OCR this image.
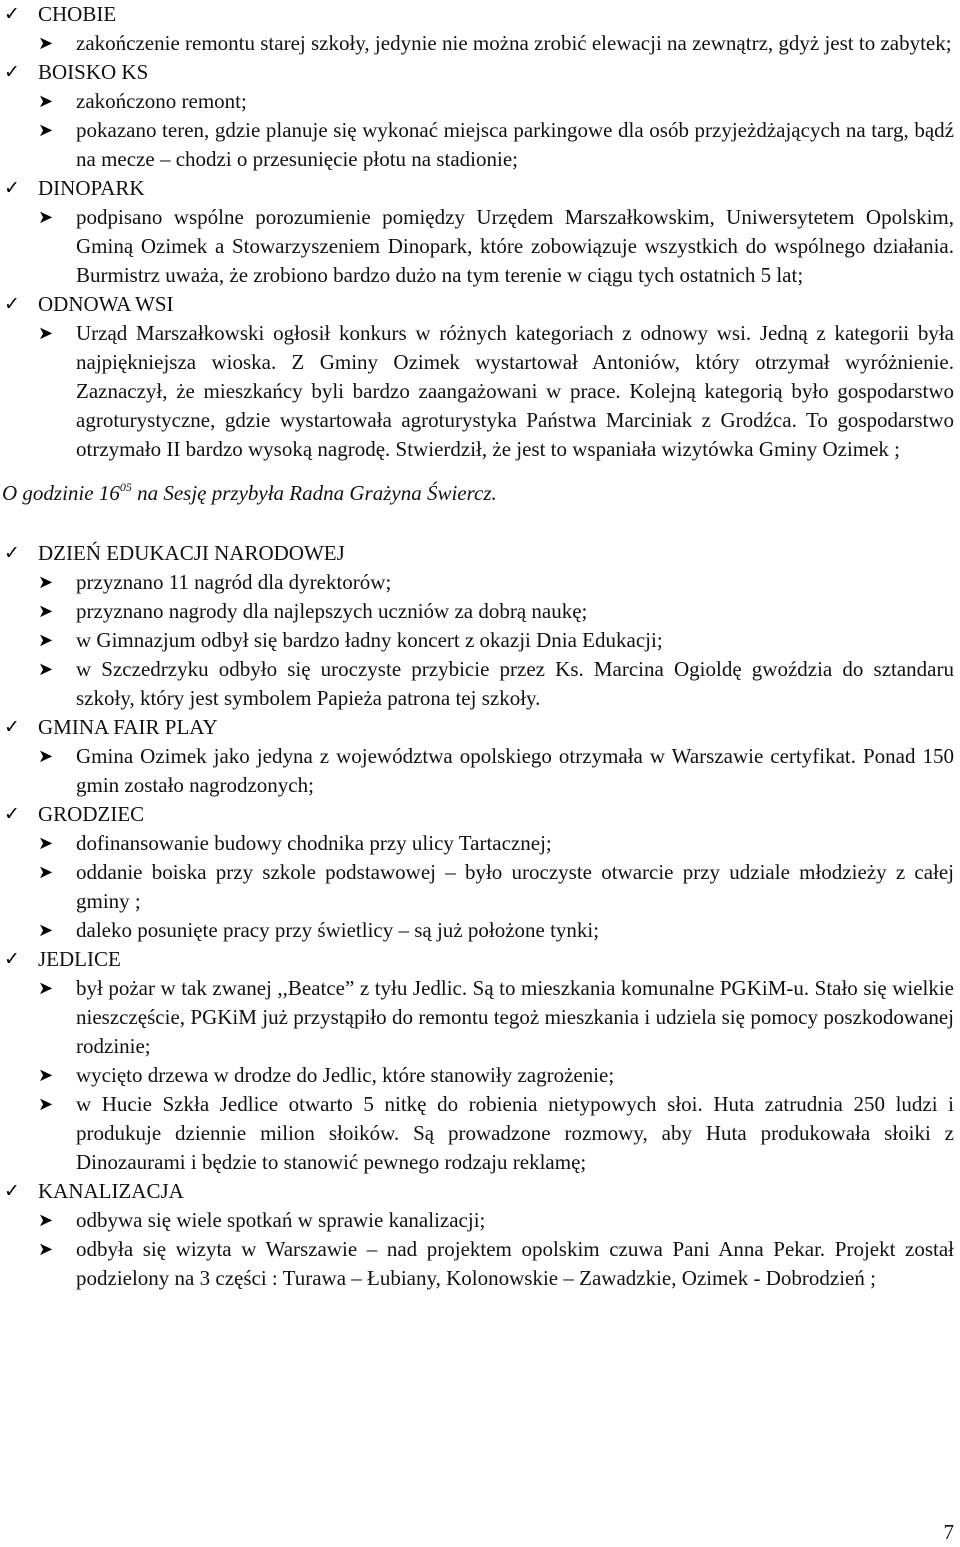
✓ CHOBIE
➤	zakończenie remontu starej szkoły, jedynie nie można zrobić elewacji na zewnątrz, gdyż jest to zabytek;
✓ BOISKO KS
➤	zakończono remont;
➤	pokazano teren, gdzie planuje się wykonać miejsca parkingowe dla osób przyjeżdżających na targ, bądź na mecze – chodzi o przesunięcie płotu na stadionie;
✓ DINOPARK
➤	podpisano wspólne porozumienie pomiędzy Urzędem Marszałkowskim, Uniwersytetem Opolskim, Gminą Ozimek a Stowarzyszeniem Dinopark, które zobowiązuje wszystkich do wspólnego działania. Burmistrz uważa, że zrobiono bardzo dużo na tym terenie w ciągu tych ostatnich 5 lat;
✓ ODNOWA WSI
➤	Urząd Marszałkowski ogłosił konkurs w różnych kategoriach z odnowy wsi. Jedną z kategorii była najpiękniejsza wioska. Z Gminy Ozimek wystartował Antoniów, który otrzymał wyróżnienie. Zaznaczył, że mieszkańcy byli bardzo zaangażowani w prace. Kolejną kategorią było gospodarstwo agroturystyczne, gdzie wystartowała agroturystyka Państwa Marciniak z Grodźca. To gospodarstwo otrzymało II bardzo wysoką nagrodę. Stwierdził, że jest to wspaniała wizytówka Gminy Ozimek ;
O godzinie $16^{05}$ na Sesję przybyła Radna Grażyna Świercz.
✓ DZIEŃ EDUKACJI NARODOWEJ
➤	przyznano 11 nagród dla dyrektorów;
➤	przyznano nagrody dla najlepszych uczniów za dobrą naukę;
➤	w Gimnazjum odbył się bardzo ładny koncert z okazji Dnia Edukacji;
➤	w Szczedrzyku odbyło się uroczyste przybicie przez Ks. Marcina Ogioldę gwoździa do sztandaru szkoły, który jest symbolem Papieża patrona tej szkoły.
✓ GMINA FAIR PLAY
➤	Gmina Ozimek jako jedyna z województwa opolskiego otrzymała w Warszawie certyfikat. Ponad 150 gmin zostało nagrodzonych;
✓ GRODZIEC
➤	dofinansowanie budowy chodnika przy ulicy Tartacznej;
➤	oddanie boiska przy szkole podstawowej – było uroczyste otwarcie przy udziale młodzieży z całej gminy ;
➤	daleko posunięte pracy przy świetlicy – są już położone tynki;
✓ JEDLICE
➤	był pożar w tak zwanej ,,Beatce” z tyłu Jedlic. Są to mieszkania komunalne PGKiM-u. Stało się wielkie nieszczęście, PGKiM już przystąpiło do remontu tegoż mieszkania i udziela się pomocy poszkodowanej rodzinie;
➤	wycięto drzewa w drodze do Jedlic, które stanowiły zagrożenie;
➤	w Hucie Szkła Jedlice otwarto 5 nitkę do robienia nietypowych słoi. Huta zatrudnia 250 ludzi i produkuje dziennie milion słoików. Są prowadzone rozmowy, aby Huta produkowała słoiki z Dinozaurami i będzie to stanowić pewnego rodzaju reklamę;
✓ KANALIZACJA
➤	odbywa się wiele spotkań w sprawie kanalizacji;
➤	odbyła się wizyta w Warszawie – nad projektem opolskim czuwa Pani Anna Pekar. Projekt został podzielony na 3 części : Turawa – Łubiany, Kolonowskie – Zawadzkie, Ozimek - Dobrodzień ;
7
